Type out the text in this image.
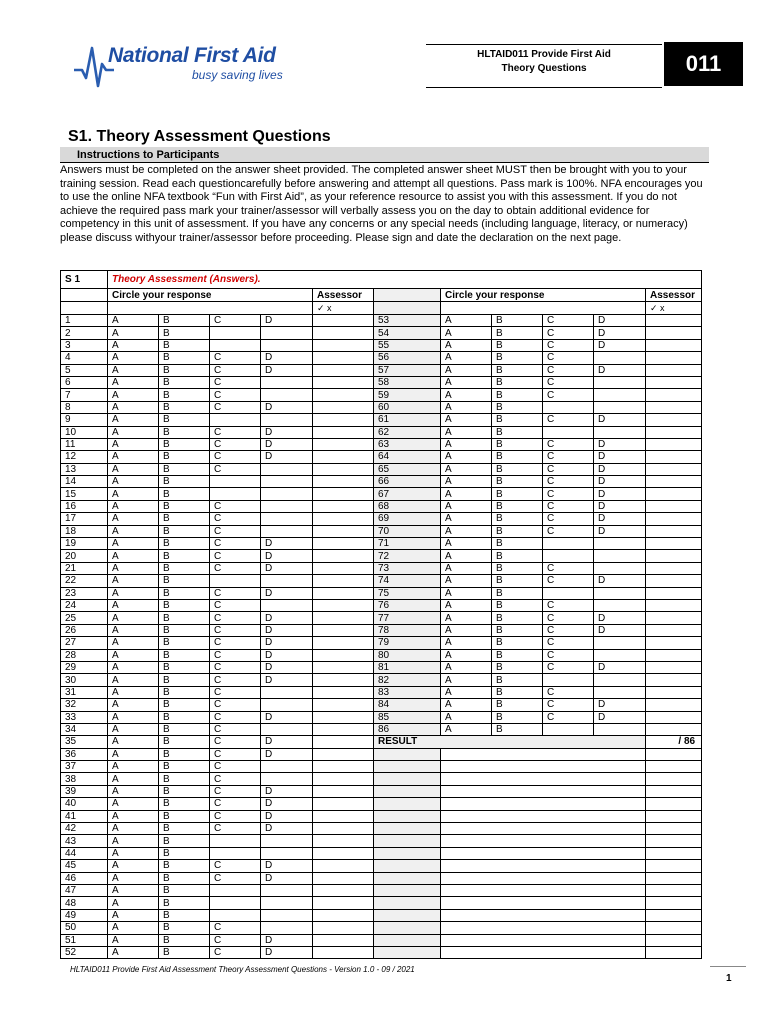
National First Aid
busy saving lives
HLTAID011 Provide First Aid
Theory Questions	011
S1. Theory Assessment Questions
Instructions to Participants
Answers must be completed on the answer sheet provided. The completed answer sheet MUST then be brought with you to your training session. Read each questioncarefully before answering and attempt all questions. Pass mark is 100%. NFA encourages you to use the online NFA textbook “Fun with First Aid”, as your reference resource to assist you with this assessment. If you do not achieve the required pass mark your trainer/assessor will verbally assess you on the day to obtain additional evidence for competency in this unit of assessment. If you have any concerns or any special needs (including language, literacy, or numeracy) please discuss withyour trainer/assessor before proceeding. Please sign and date the declaration on the next page.
S 1	Theory Assessment (Answers).										
	Circle your response				Assessor		Circle your response				Assessor
					✓ x						✓ x
1	A	B	C	D		53	A	B	C	D	
2	A	B				54	A	B	C	D	
3	A	B				55	A	B	C	D	
4	A	B	C	D		56	A	B	C		
5	A	B	C	D		57	A	B	C	D	
6	A	B	C			58	A	B	C		
7	A	B	C			59	A	B	C		
8	A	B	C	D		60	A	B			
9	A	B				61	A	B	C	D	
10	A	B	C	D		62	A	B			
11	A	B	C	D		63	A	B	C	D	
12	A	B	C	D		64	A	B	C	D	
13	A	B	C			65	A	B	C	D	
14	A	B				66	A	B	C	D	
15	A	B				67	A	B	C	D	
16	A	B	C			68	A	B	C	D	
17	A	B	C			69	A	B	C	D	
18	A	B	C			70	A	B	C	D	
19	A	B	C	D		71	A	B			
20	A	B	C	D		72	A	B			
21	A	B	C	D		73	A	B	C		
22	A	B				74	A	B	C	D	
23	A	B	C	D		75	A	B			
24	A	B	C			76	A	B	C		
25	A	B	C	D		77	A	B	C	D	
26	A	B	C	D		78	A	B	C	D	
27	A	B	C	D		79	A	B	C		
28	A	B	C	D		80	A	B	C		
29	A	B	C	D		81	A	B	C	D	
30	A	B	C	D		82	A	B			
31	A	B	C			83	A	B	C		
32	A	B	C			84	A	B	C	D	
33	A	B	C	D		85	A	B	C	D	
34	A	B	C			86	A	B			
35	A	B	C	D		RESULT					/ 86
36	A	B	C	D							
37	A	B	C								
38	A	B	C								
39	A	B	C	D							
40	A	B	C	D							
41	A	B	C	D							
42	A	B	C	D							
43	A	B									
44	A	B									
45	A	B	C	D							
46	A	B	C	D							
47	A	B									
48	A	B									
49	A	B									
50	A	B	C								
51	A	B	C	D							
52	A	B	C	D							
HLTAID011 Provide First Aid Assessment Theory Assessment Questions - Version 1.0 - 09 / 2021
1
